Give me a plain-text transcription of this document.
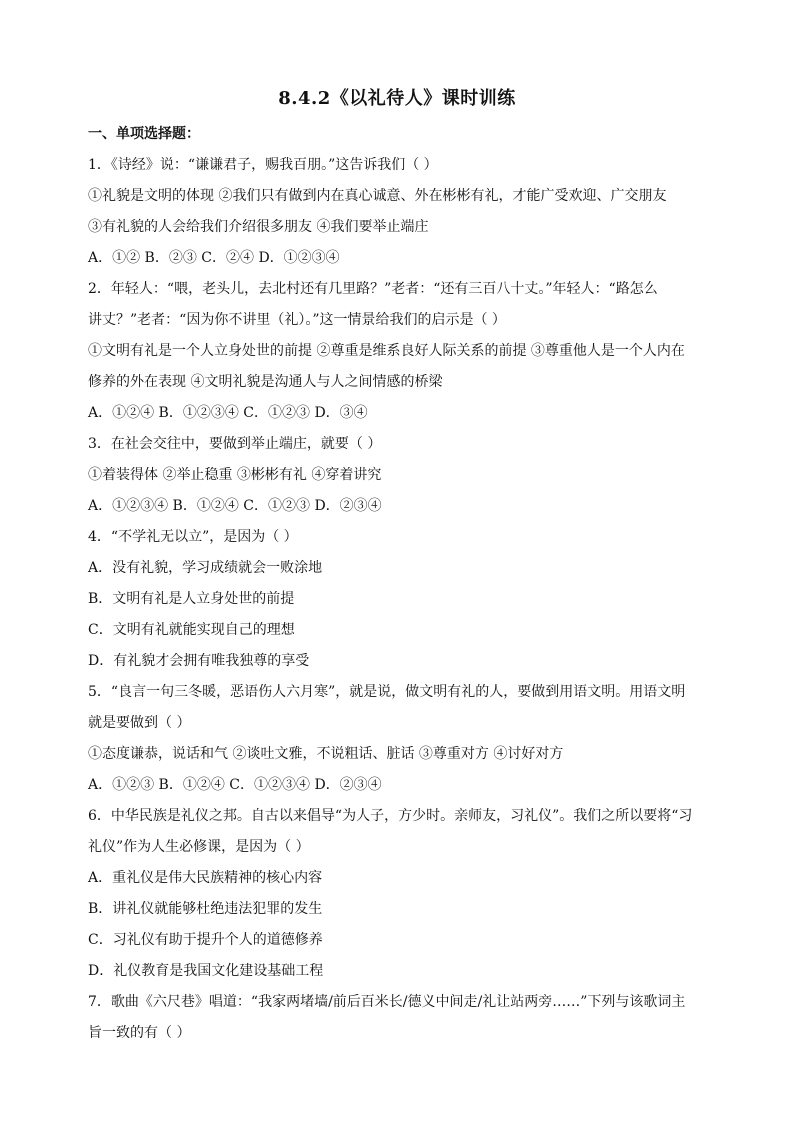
8.4.2《以礼待人》课时训练
一、单项选择题：
1．《诗经》说：“谦谦君子，赐我百朋。”这告诉我们（ ）
①礼貌是文明的体现 ②我们只有做到内在真心诚意、外在彬彬有礼，才能广受欢迎、广交朋友
③有礼貌的人会给我们介绍很多朋友 ④我们要举止端庄
A．①② B．②③ C．②④ D．①②③④
2．年轻人：“喂，老头儿，去北村还有几里路？”老者：“还有三百八十丈。”年轻人：“路怎么
讲丈？”老者：“因为你不讲里（礼）。”这一情景给我们的启示是（ ）
①文明有礼是一个人立身处世的前提 ②尊重是维系良好人际关系的前提 ③尊重他人是一个人内在
修养的外在表现 ④文明礼貌是沟通人与人之间情感的桥梁
A．①②④ B．①②③④ C．①②③ D．③④
3．在社会交往中，要做到举止端庄，就要（ ）
①着装得体 ②举止稳重 ③彬彬有礼 ④穿着讲究
A．①②③④ B．①②④ C．①②③ D．②③④
4．“不学礼无以立”，是因为（ ）
A．没有礼貌，学习成绩就会一败涂地
B．文明有礼是人立身处世的前提
C．文明有礼就能实现自己的理想
D．有礼貌才会拥有唯我独尊的享受
5．“良言一句三冬暖，恶语伤人六月寒”，就是说，做文明有礼的人，要做到用语文明。用语文明
就是要做到（ ）
①态度谦恭，说话和气 ②谈吐文雅，不说粗话、脏话 ③尊重对方 ④讨好对方
A．①②③ B．①②④ C．①②③④ D．②③④
6．中华民族是礼仪之邦。自古以来倡导“为人子，方少时。亲师友，习礼仪”。我们之所以要将“习
礼仪”作为人生必修课，是因为（ ）
A．重礼仪是伟大民族精神的核心内容
B．讲礼仪就能够杜绝违法犯罪的发生
C．习礼仪有助于提升个人的道德修养
D．礼仪教育是我国文化建设基础工程
7．歌曲《六尺巷》唱道：“我家两堵墙/前后百米长/德义中间走/礼让站两旁……”下列与该歌词主
旨一致的有（ ）
